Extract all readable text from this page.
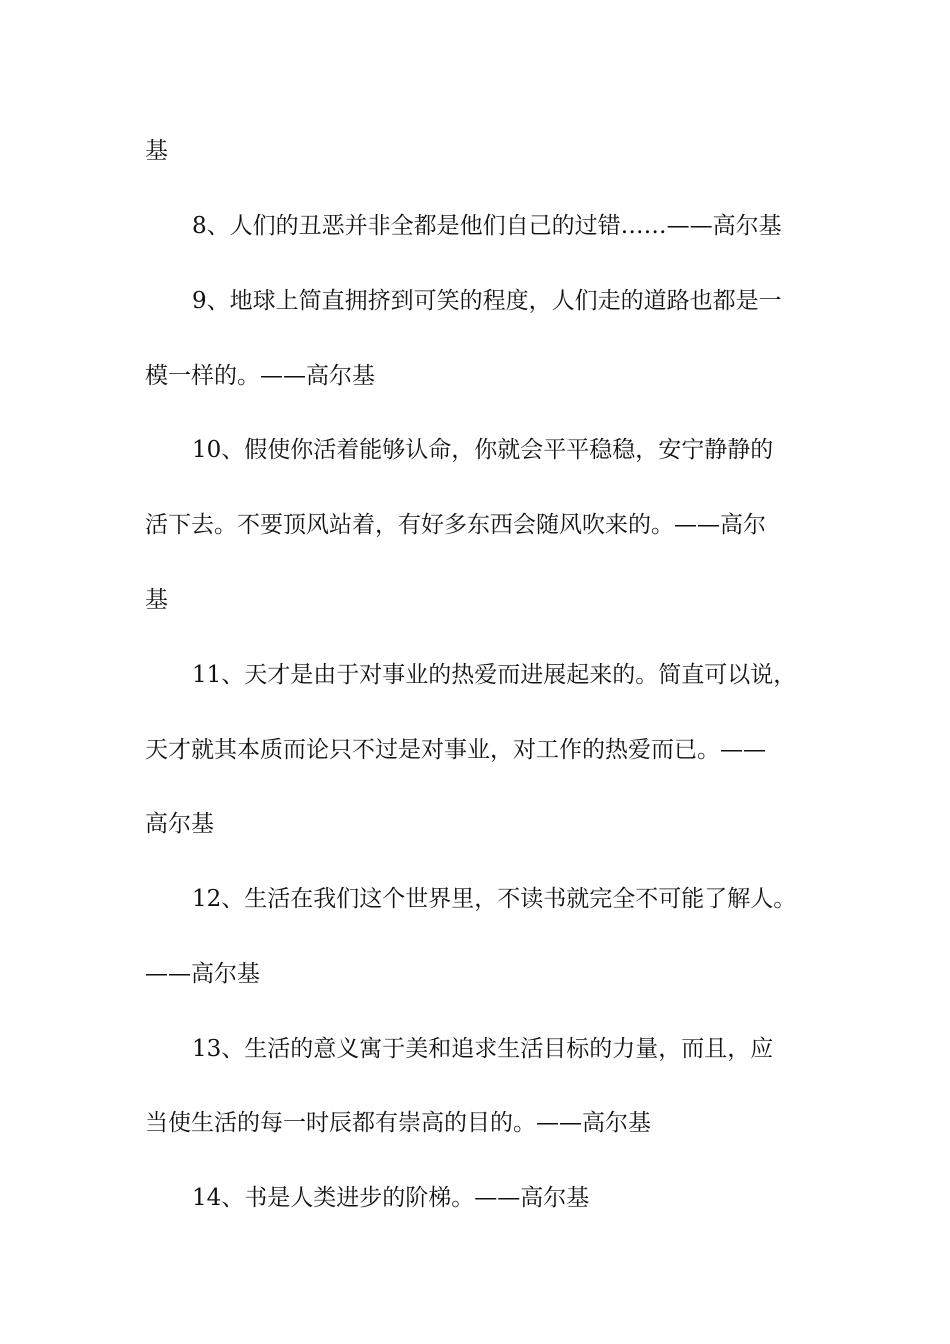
基

8、人们的丑恶并非全都是他们自己的过错……——高尔基

9、地球上简直拥挤到可笑的程度，人们走的道路也都是一

模一样的。——高尔基

10、假使你活着能够认命，你就会平平稳稳，安宁静静的

活下去。不要顶风站着，有好多东西会随风吹来的。——高尔

基

11、天才是由于对事业的热爱而进展起来的。简直可以说，

天才就其本质而论只不过是对事业，对工作的热爱而已。——

高尔基

12、生活在我们这个世界里，不读书就完全不可能了解人。

——高尔基

13、生活的意义寓于美和追求生活目标的力量，而且，应

当使生活的每一时辰都有崇高的目的。——高尔基

14、书是人类进步的阶梯。——高尔基
